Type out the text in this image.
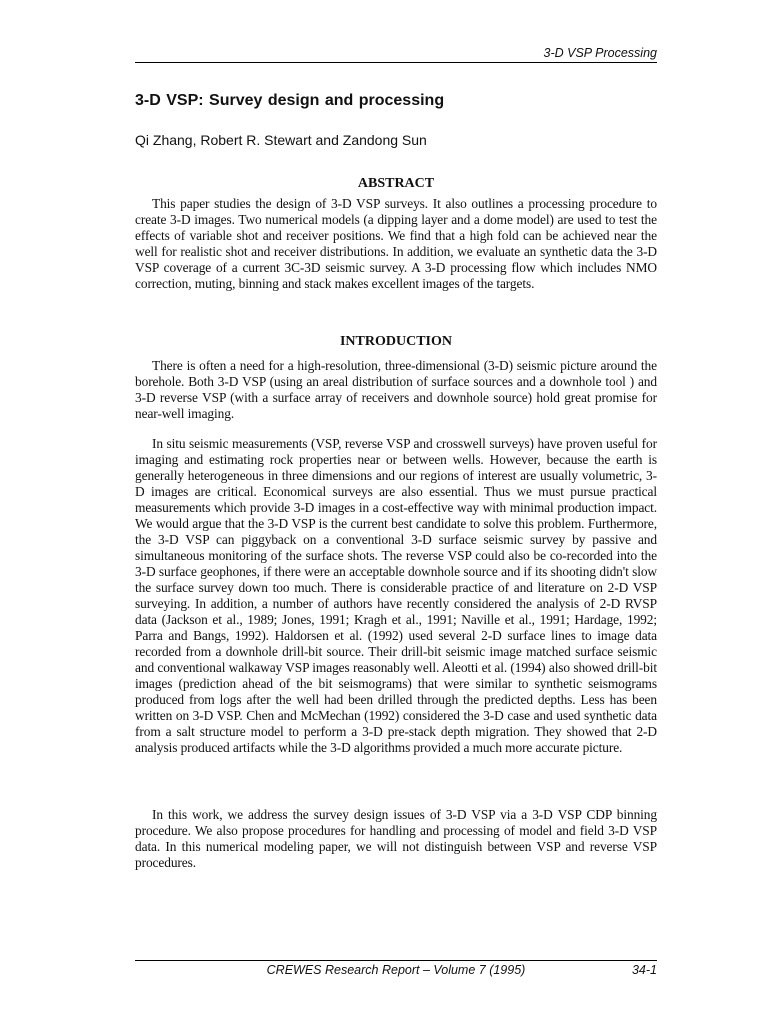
3-D VSP Processing
3-D VSP: Survey design and processing
Qi Zhang, Robert R. Stewart and Zandong Sun
ABSTRACT

This paper studies the design of 3-D VSP surveys. It also outlines a processing procedure to create 3-D images. Two numerical models (a dipping layer and a dome model) are used to test the effects of variable shot and receiver positions. We find that a high fold can be achieved near the well for realistic shot and receiver distributions. In addition, we evaluate an synthetic data the 3-D VSP coverage of a current 3C-3D seismic survey. A 3-D processing flow which includes NMO correction, muting, binning and stack makes excellent images of the targets.

INTRODUCTION

There is often a need for a high-resolution, three-dimensional (3-D) seismic picture around the borehole. Both 3-D VSP (using an areal distribution of surface sources and a downhole tool ) and 3-D reverse VSP (with a surface array of receivers and downhole source) hold great promise for near-well imaging.

In situ seismic measurements (VSP, reverse VSP and crosswell surveys) have proven useful for imaging and estimating rock properties near or between wells. However, because the earth is generally heterogeneous in three dimensions and our regions of interest are usually volumetric, 3-D images are critical. Economical surveys are also essential. Thus we must pursue practical measurements which provide 3-D images in a cost-effective way with minimal production impact. We would argue that the 3-D VSP is the current best candidate to solve this problem. Furthermore, the 3-D VSP can piggyback on a conventional 3-D surface seismic survey by passive and simultaneous monitoring of the surface shots. The reverse VSP could also be co-recorded into the 3-D surface geophones, if there were an acceptable downhole source and if its shooting didn't slow the surface survey down too much. There is considerable practice of and literature on 2-D VSP surveying. In addition, a number of authors have recently considered the analysis of 2-D RVSP data (Jackson et al., 1989; Jones, 1991; Kragh et al., 1991; Naville et al., 1991; Hardage, 1992; Parra and Bangs, 1992). Haldorsen et al. (1992) used several 2-D surface lines to image data recorded from a downhole drill-bit source. Their drill-bit seismic image matched surface seismic and conventional walkaway VSP images reasonably well. Aleotti et al. (1994) also showed drill-bit images (prediction ahead of the bit seismograms) that were similar to synthetic seismograms produced from logs after the well had been drilled through the predicted depths. Less has been written on 3-D VSP. Chen and McMechan (1992) considered the 3-D case and used synthetic data from a salt structure model to perform a 3-D pre-stack depth migration. They showed that 2-D analysis produced artifacts while the 3-D algorithms provided a much more accurate picture.

In this work, we address the survey design issues of 3-D VSP via a 3-D VSP CDP binning procedure. We also propose procedures for handling and processing of model and field 3-D VSP data. In this numerical modeling paper, we will not distinguish between VSP and reverse VSP procedures.

CREWES Research Report – Volume 7 (1995)	34-1
